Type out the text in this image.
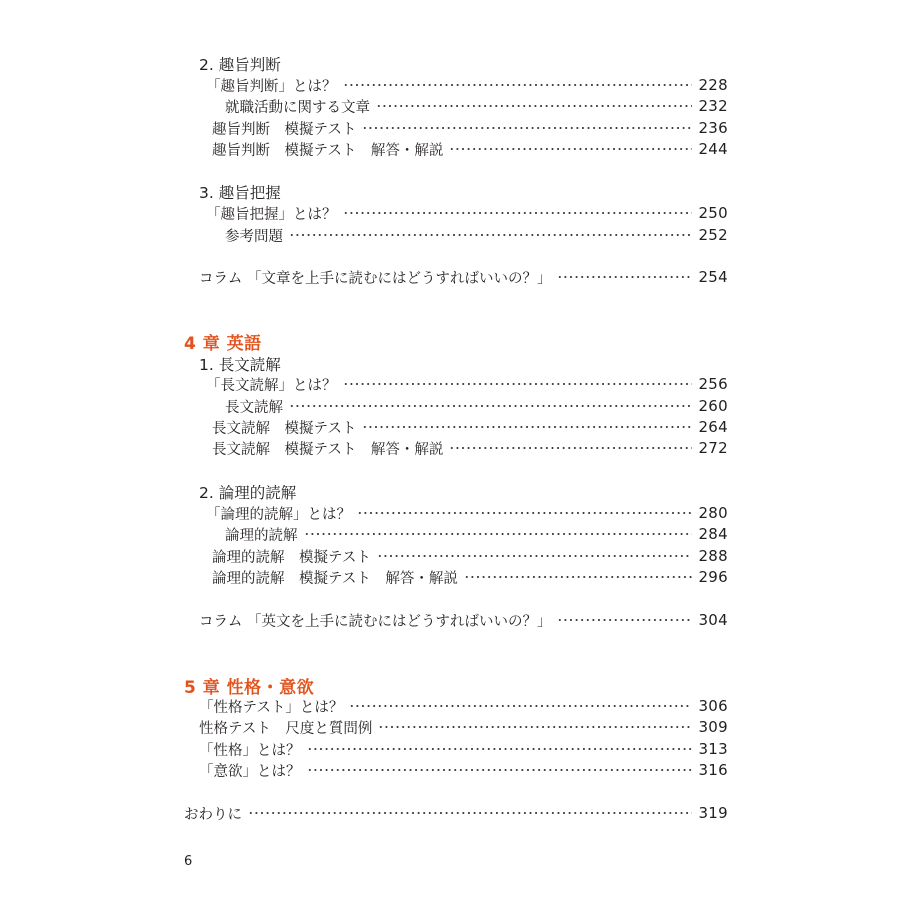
2. 趣旨判断
「趣旨判断」とは？	228
就職活動に関する文章	232
趣旨判断　模擬テスト	236
趣旨判断　模擬テスト　解答・解説	244
3. 趣旨把握
「趣旨把握」とは？	250
参考問題	252
コラム 「文章を上手に読むにはどうすればいいの？」	254
4 章 英語
1. 長文読解
「長文読解」とは？	256
長文読解	260
長文読解　模擬テスト	264
長文読解　模擬テスト　解答・解説	272
2. 論理的読解
「論理的読解」とは？	280
論理的読解	284
論理的読解　模擬テスト	288
論理的読解　模擬テスト　解答・解説	296
コラム 「英文を上手に読むにはどうすればいいの？」	304
5 章 性格・意欲
「性格テスト」とは？	306
性格テスト　尺度と質問例	309
「性格」とは？	313
「意欲」とは？	316
おわりに	319
6
